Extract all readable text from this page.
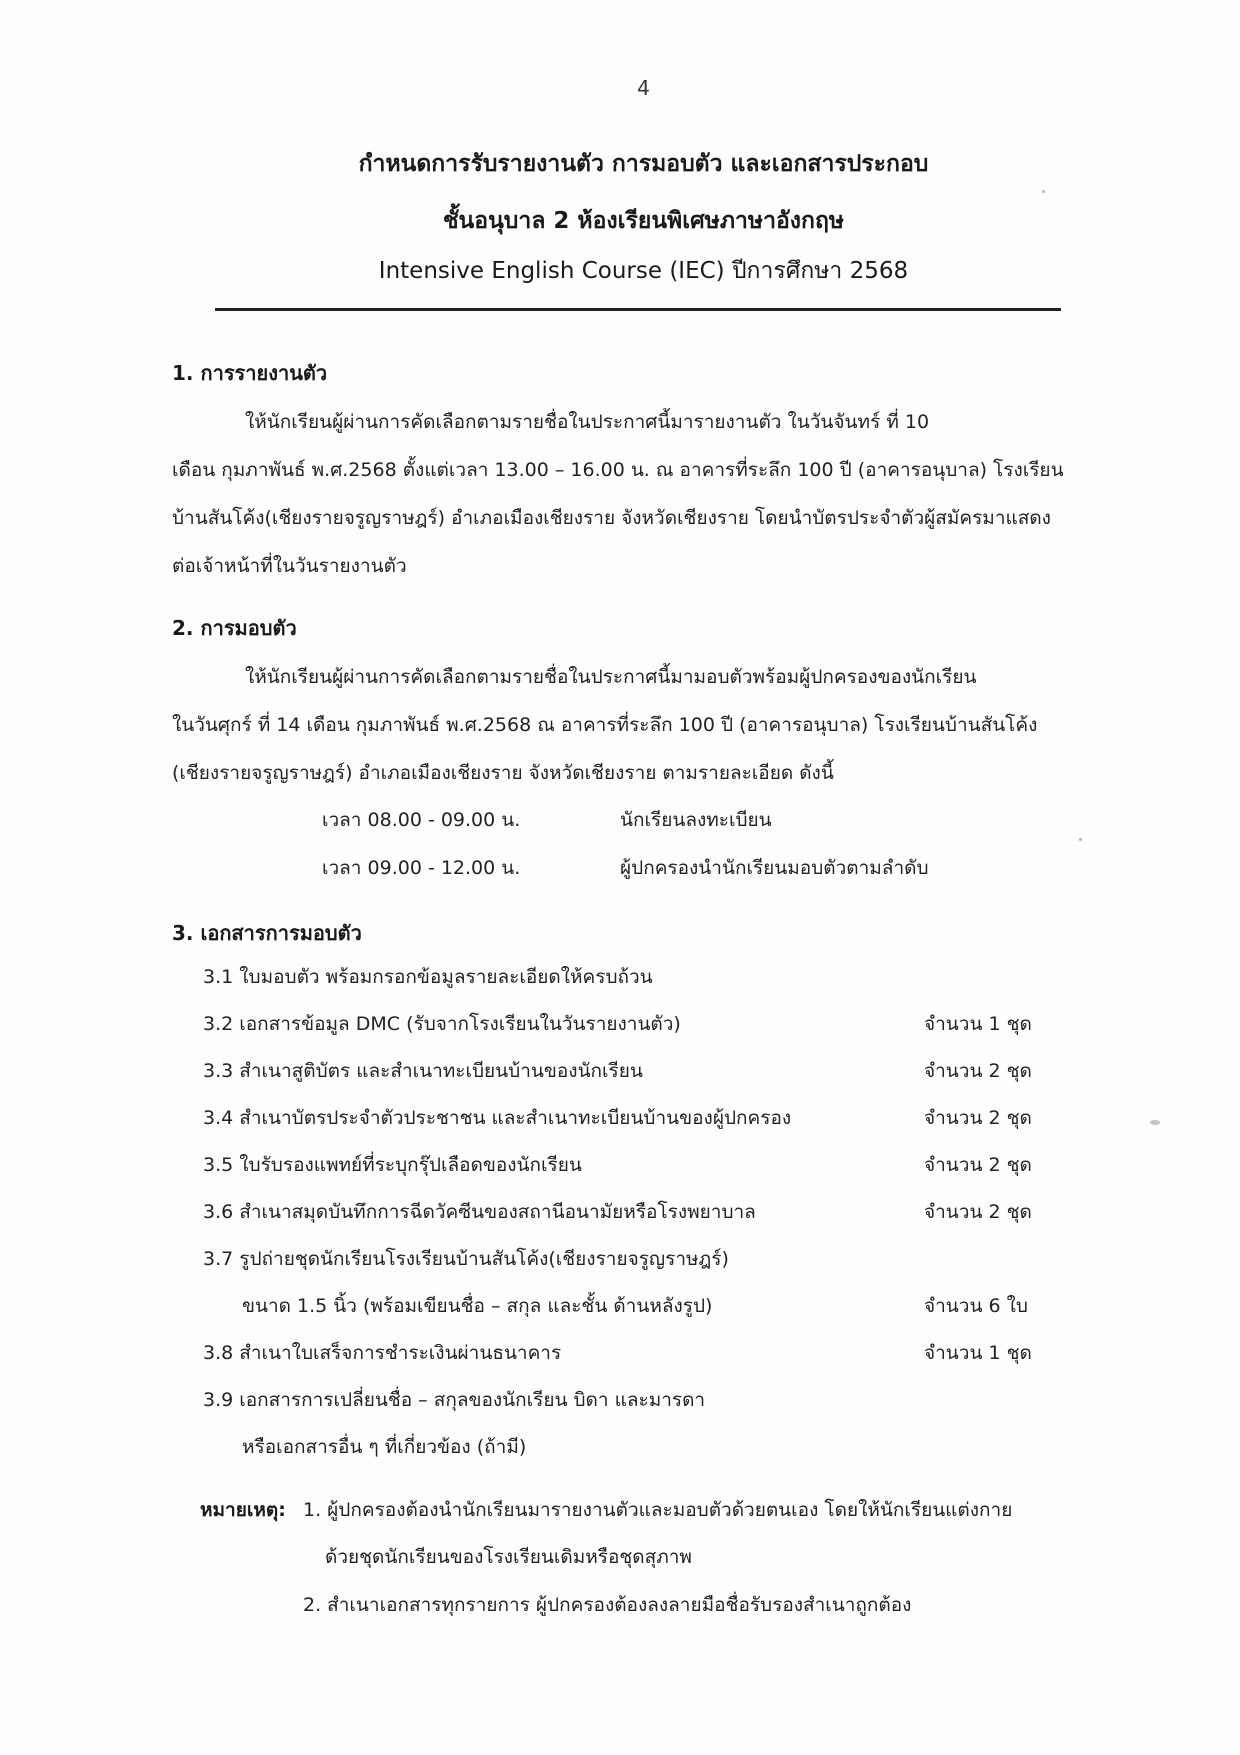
4
กำหนดการรับรายงานตัว การมอบตัว และเอกสารประกอบ
ชั้นอนุบาล 2 ห้องเรียนพิเศษภาษาอังกฤษ
Intensive English Course (IEC) ปีการศึกษา 2568
1. การรายงานตัว
ให้นักเรียนผู้ผ่านการคัดเลือกตามรายชื่อในประกาศนี้มารายงานตัว ในวันจันทร์ ที่ 10
เดือน กุมภาพันธ์ พ.ศ.2568 ตั้งแต่เวลา 13.00 – 16.00 น. ณ อาคารที่ระลึก 100 ปี (อาคารอนุบาล) โรงเรียน
บ้านสันโค้ง(เชียงรายจรูญราษฎร์) อำเภอเมืองเชียงราย จังหวัดเชียงราย โดยนำบัตรประจำตัวผู้สมัครมาแสดง
ต่อเจ้าหน้าที่ในวันรายงานตัว
2. การมอบตัว
ให้นักเรียนผู้ผ่านการคัดเลือกตามรายชื่อในประกาศนี้มามอบตัวพร้อมผู้ปกครองของนักเรียน
ในวันศุกร์ ที่ 14 เดือน กุมภาพันธ์ พ.ศ.2568 ณ อาคารที่ระลึก 100 ปี (อาคารอนุบาล) โรงเรียนบ้านสันโค้ง
(เชียงรายจรูญราษฎร์) อำเภอเมืองเชียงราย จังหวัดเชียงราย ตามรายละเอียด ดังนี้
เวลา 08.00 - 09.00 น.	นักเรียนลงทะเบียน
เวลา 09.00 - 12.00 น.	ผู้ปกครองนำนักเรียนมอบตัวตามลำดับ
3. เอกสารการมอบตัว
3.1 ใบมอบตัว พร้อมกรอกข้อมูลรายละเอียดให้ครบถ้วน
3.2 เอกสารข้อมูล DMC (รับจากโรงเรียนในวันรายงานตัว)	จำนวน 1 ชุด
3.3 สำเนาสูติบัตร และสำเนาทะเบียนบ้านของนักเรียน	จำนวน 2 ชุด
3.4 สำเนาบัตรประจำตัวประชาชน และสำเนาทะเบียนบ้านของผู้ปกครอง	จำนวน 2 ชุด
3.5 ใบรับรองแพทย์ที่ระบุกรุ๊ปเลือดของนักเรียน	จำนวน 2 ชุด
3.6 สำเนาสมุดบันทึกการฉีดวัคซีนของสถานีอนามัยหรือโรงพยาบาล	จำนวน 2 ชุด
3.7 รูปถ่ายชุดนักเรียนโรงเรียนบ้านสันโค้ง(เชียงรายจรูญราษฎร์)
ขนาด 1.5 นิ้ว (พร้อมเขียนชื่อ – สกุล และชั้น ด้านหลังรูป)	จำนวน 6 ใบ
3.8 สำเนาใบเสร็จการชำระเงินผ่านธนาคาร	จำนวน 1 ชุด
3.9 เอกสารการเปลี่ยนชื่อ – สกุลของนักเรียน บิดา และมารดา
หรือเอกสารอื่น ๆ ที่เกี่ยวข้อง (ถ้ามี)
หมายเหตุ: 1. ผู้ปกครองต้องนำนักเรียนมารายงานตัวและมอบตัวด้วยตนเอง โดยให้นักเรียนแต่งกาย
ด้วยชุดนักเรียนของโรงเรียนเดิมหรือชุดสุภาพ
2. สำเนาเอกสารทุกรายการ ผู้ปกครองต้องลงลายมือชื่อรับรองสำเนาถูกต้อง
